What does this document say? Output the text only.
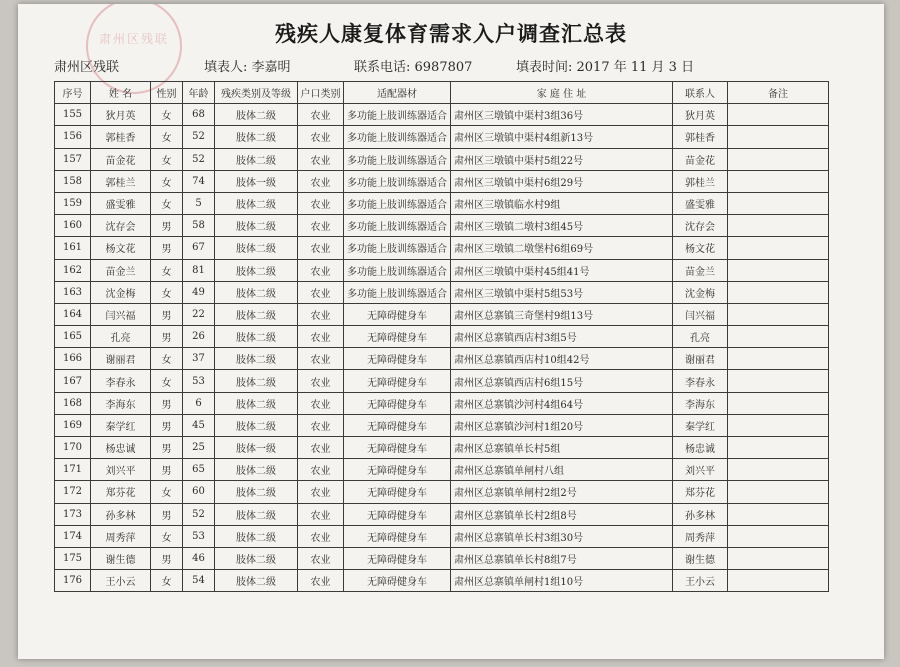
肃州区残联	残疾人康复体育需求入户调查汇总表
肃州区残联	填表人: 李嘉明	联系电话: 6987807	填表时间: 2017 年 11 月 3 日
序号	姓 名	性别	年龄	残疾类别及等级	户口类别	适配器材	家 庭 住 址	联系人	备注
155	狄月英	女	68	肢体二级	农业	多功能上肢训练器适合	肃州区三墩镇中渠村3组36号	狄月英	
156	郭桂香	女	52	肢体二级	农业	多功能上肢训练器适合	肃州区三墩镇中渠村4组新13号	郭桂香	
157	苗金花	女	52	肢体二级	农业	多功能上肢训练器适合	肃州区三墩镇中渠村5组22号	苗金花	
158	郭桂兰	女	74	肢体一级	农业	多功能上肢训练器适合	肃州区三墩镇中渠村6组29号	郭桂兰	
159	盛雯雅	女	5	肢体二级	农业	多功能上肢训练器适合	肃州区三墩镇临水村9组	盛雯雅	
160	沈存会	男	58	肢体二级	农业	多功能上肢训练器适合	肃州区三墩镇二墩村3组45号	沈存会	
161	杨文花	男	67	肢体二级	农业	多功能上肢训练器适合	肃州区三墩镇二墩堡村6组69号	杨文花	
162	苗金兰	女	81	肢体二级	农业	多功能上肢训练器适合	肃州区三墩镇中渠村45组41号	苗金兰	
163	沈金梅	女	49	肢体二级	农业	多功能上肢训练器适合	肃州区三墩镇中渠村5组53号	沈金梅	
164	闫兴福	男	22	肢体二级	农业	无障碍健身车	肃州区总寨镇三奇堡村9组13号	闫兴福	
165	孔亮	男	26	肢体二级	农业	无障碍健身车	肃州区总寨镇西店村3组5号	孔亮	
166	谢丽君	女	37	肢体二级	农业	无障碍健身车	肃州区总寨镇西店村10组42号	谢丽君	
167	李春永	女	53	肢体二级	农业	无障碍健身车	肃州区总寨镇西店村6组15号	李春永	
168	李海东	男	6	肢体二级	农业	无障碍健身车	肃州区总寨镇沙河村4组64号	李海东	
169	秦学红	男	45	肢体二级	农业	无障碍健身车	肃州区总寨镇沙河村1组20号	秦学红	
170	杨忠诚	男	25	肢体一级	农业	无障碍健身车	肃州区总寨镇单长村5组	杨忠诚	
171	刘兴平	男	65	肢体二级	农业	无障碍健身车	肃州区总寨镇单闸村八组	刘兴平	
172	郑芬花	女	60	肢体二级	农业	无障碍健身车	肃州区总寨镇单闸村2组2号	郑芬花	
173	孙多林	男	52	肢体二级	农业	无障碍健身车	肃州区总寨镇单长村2组8号	孙多林	
174	周秀萍	女	53	肢体二级	农业	无障碍健身车	肃州区总寨镇单长村3组30号	周秀萍	
175	谢生德	男	46	肢体二级	农业	无障碍健身车	肃州区总寨镇单长村8组7号	谢生德	
176	王小云	女	54	肢体二级	农业	无障碍健身车	肃州区总寨镇单闸村1组10号	王小云	
